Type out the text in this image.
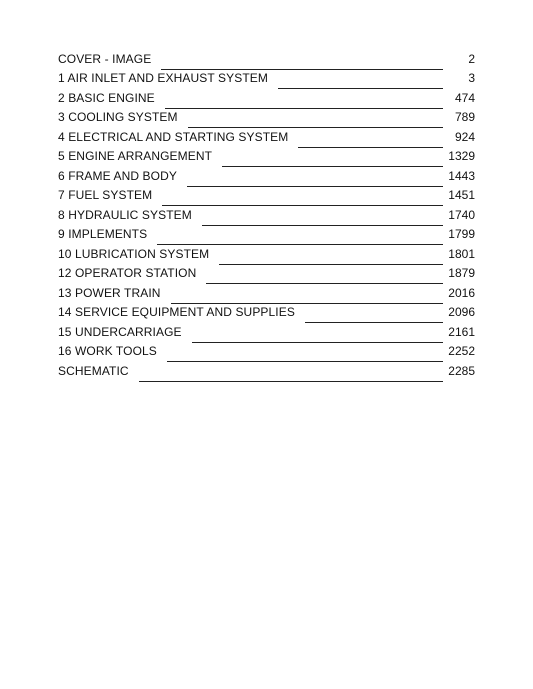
COVER - IMAGE	2
1 AIR INLET AND EXHAUST SYSTEM	3
2 BASIC ENGINE	474
3 COOLING SYSTEM	789
4 ELECTRICAL AND STARTING SYSTEM	924
5 ENGINE ARRANGEMENT	1329
6 FRAME AND BODY	1443
7 FUEL SYSTEM	1451
8 HYDRAULIC SYSTEM	1740
9 IMPLEMENTS	1799
10 LUBRICATION SYSTEM	1801
12 OPERATOR STATION	1879
13 POWER TRAIN	2016
14 SERVICE EQUIPMENT AND SUPPLIES	2096
15 UNDERCARRIAGE	2161
16 WORK TOOLS	2252
SCHEMATIC	2285
